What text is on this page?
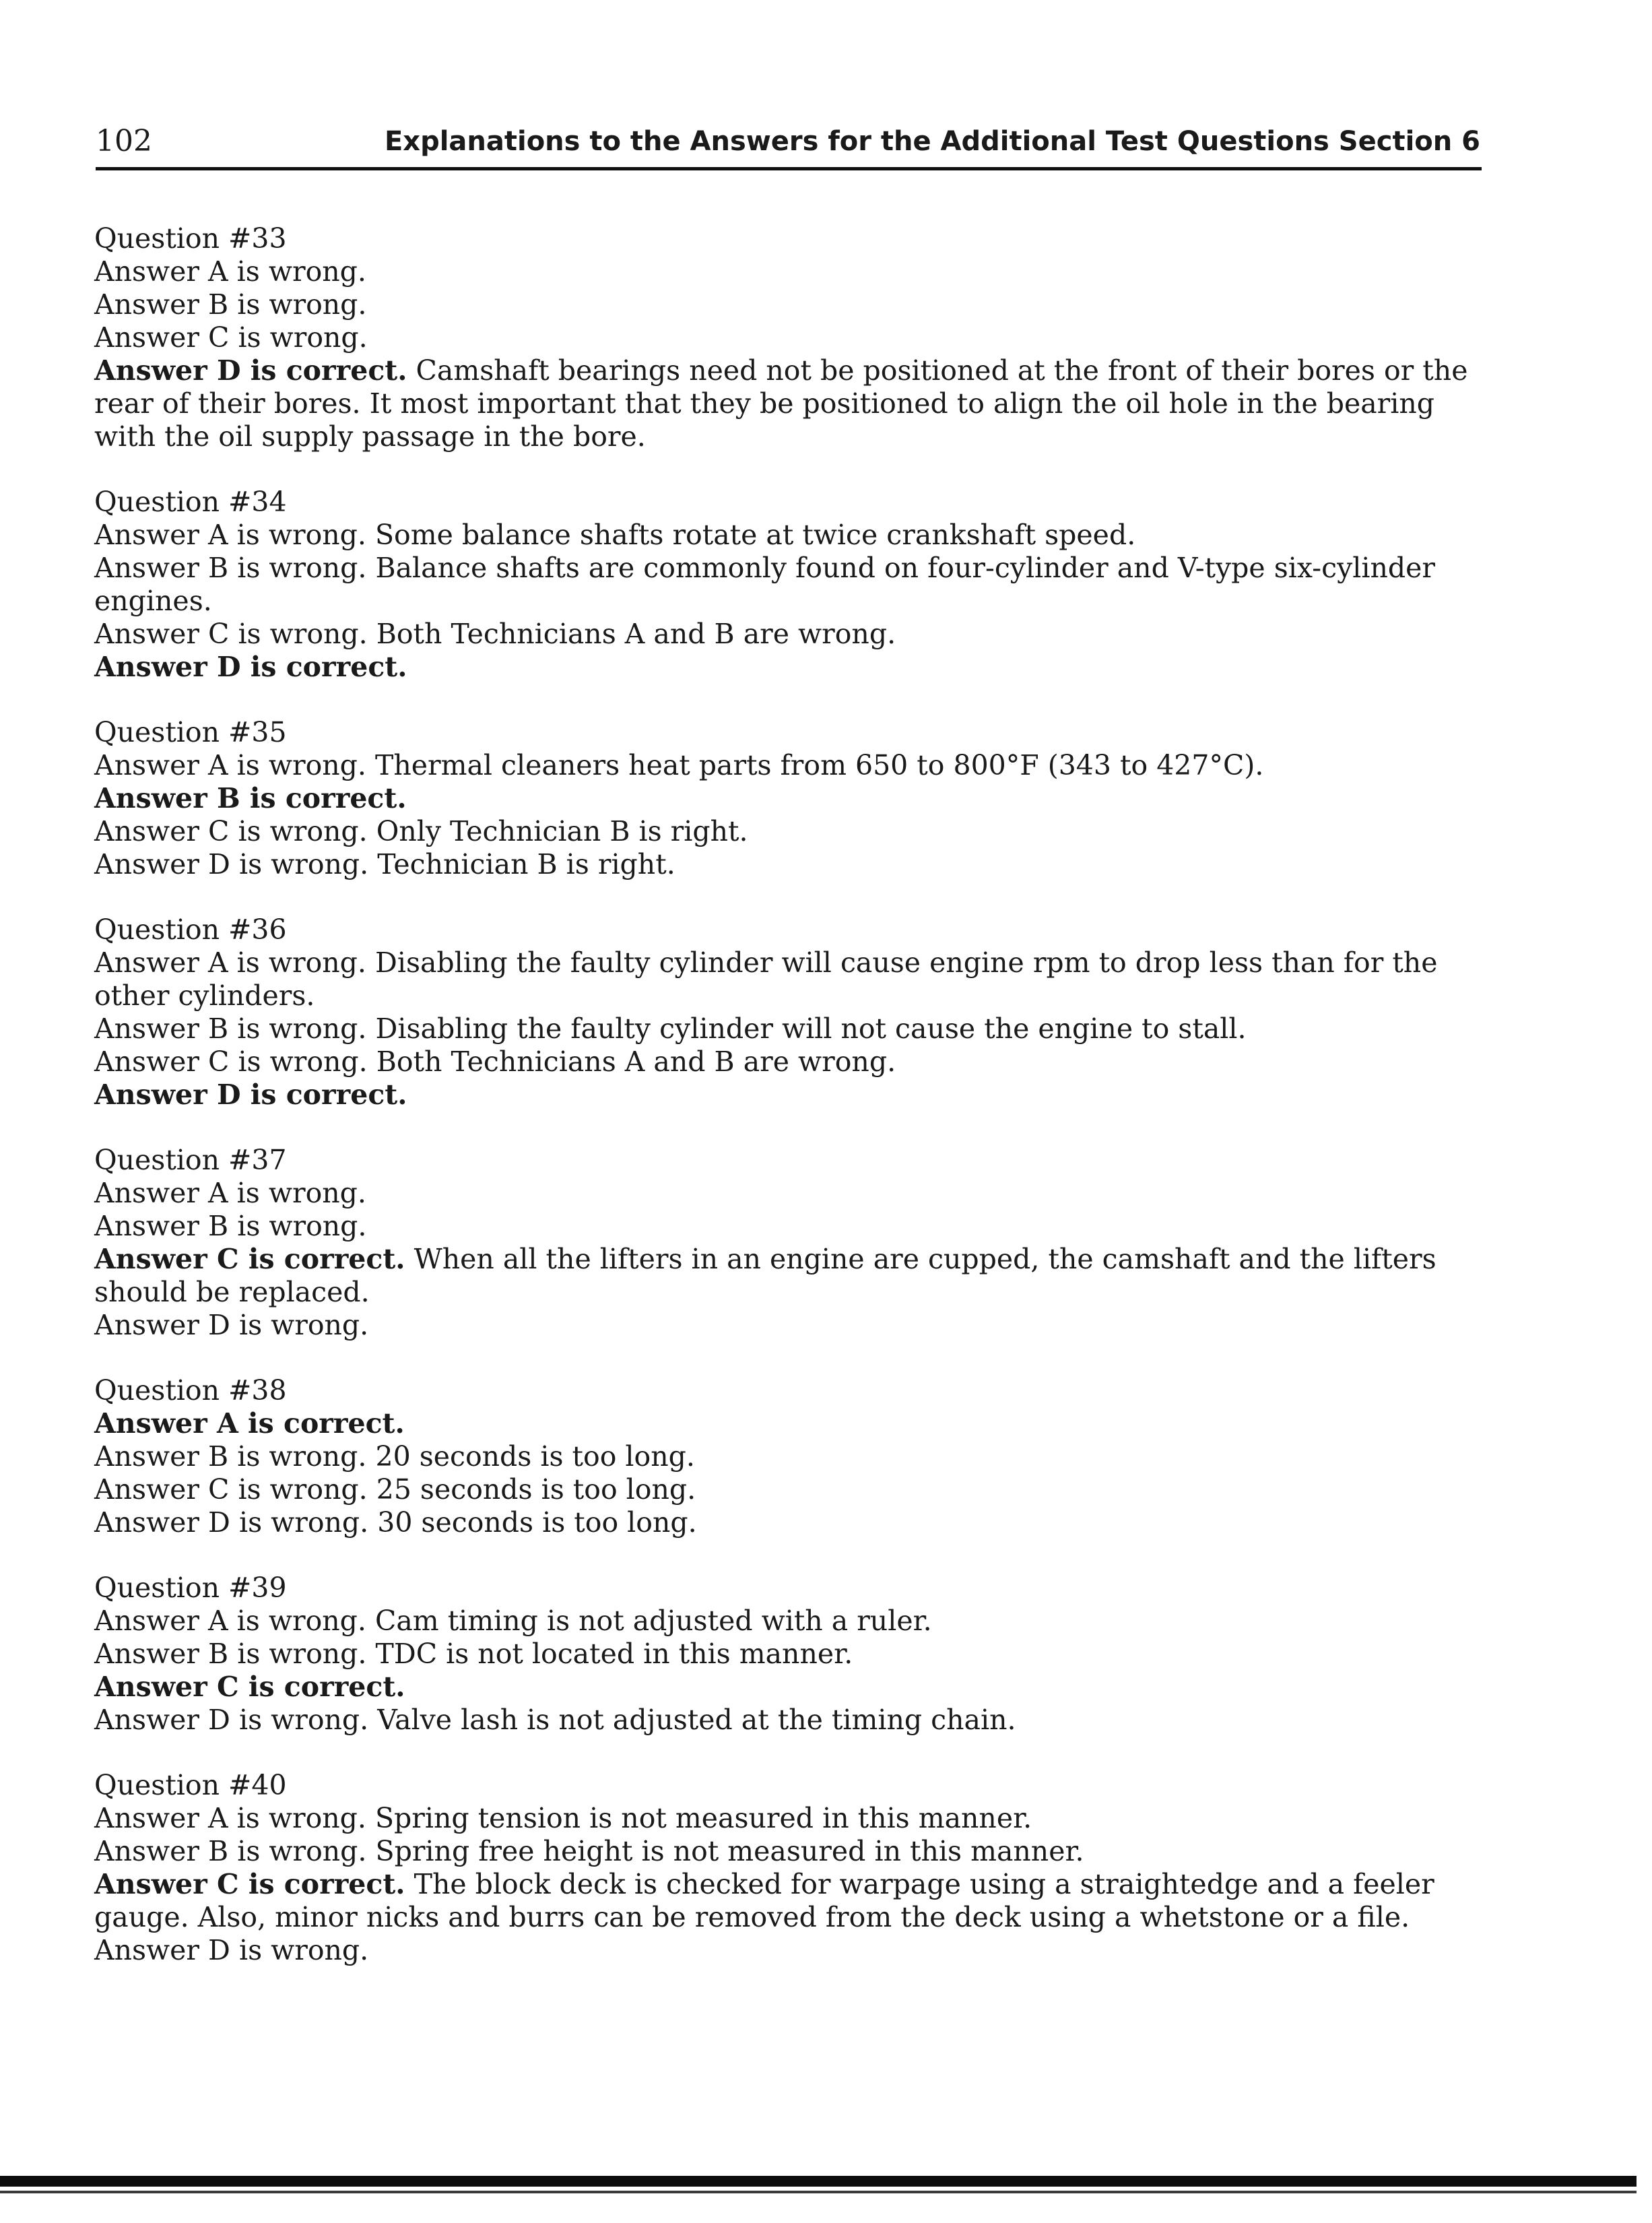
102	Explanations to the Answers for the Additional Test Questions Section 6
Question #33
Answer A is wrong.
Answer B is wrong.
Answer C is wrong.
Answer D is correct. Camshaft bearings need not be positioned at the front of their bores or the rear of their bores. It most important that they be positioned to align the oil hole in the bearing with the oil supply passage in the bore.
Question #34
Answer A is wrong. Some balance shafts rotate at twice crankshaft speed.
Answer B is wrong. Balance shafts are commonly found on four-cylinder and V-type six-cylinder engines.
Answer C is wrong. Both Technicians A and B are wrong.
Answer D is correct.
Question #35
Answer A is wrong. Thermal cleaners heat parts from 650 to 800°F (343 to 427°C).
Answer B is correct.
Answer C is wrong. Only Technician B is right.
Answer D is wrong. Technician B is right.
Question #36
Answer A is wrong. Disabling the faulty cylinder will cause engine rpm to drop less than for the other cylinders.
Answer B is wrong. Disabling the faulty cylinder will not cause the engine to stall.
Answer C is wrong. Both Technicians A and B are wrong.
Answer D is correct.
Question #37
Answer A is wrong.
Answer B is wrong.
Answer C is correct. When all the lifters in an engine are cupped, the camshaft and the lifters should be replaced.
Answer D is wrong.
Question #38
Answer A is correct.
Answer B is wrong. 20 seconds is too long.
Answer C is wrong. 25 seconds is too long.
Answer D is wrong. 30 seconds is too long.
Question #39
Answer A is wrong. Cam timing is not adjusted with a ruler.
Answer B is wrong. TDC is not located in this manner.
Answer C is correct.
Answer D is wrong. Valve lash is not adjusted at the timing chain.
Question #40
Answer A is wrong. Spring tension is not measured in this manner.
Answer B is wrong. Spring free height is not measured in this manner.
Answer C is correct. The block deck is checked for warpage using a straightedge and a feeler gauge. Also, minor nicks and burrs can be removed from the deck using a whetstone or a file.
Answer D is wrong.
